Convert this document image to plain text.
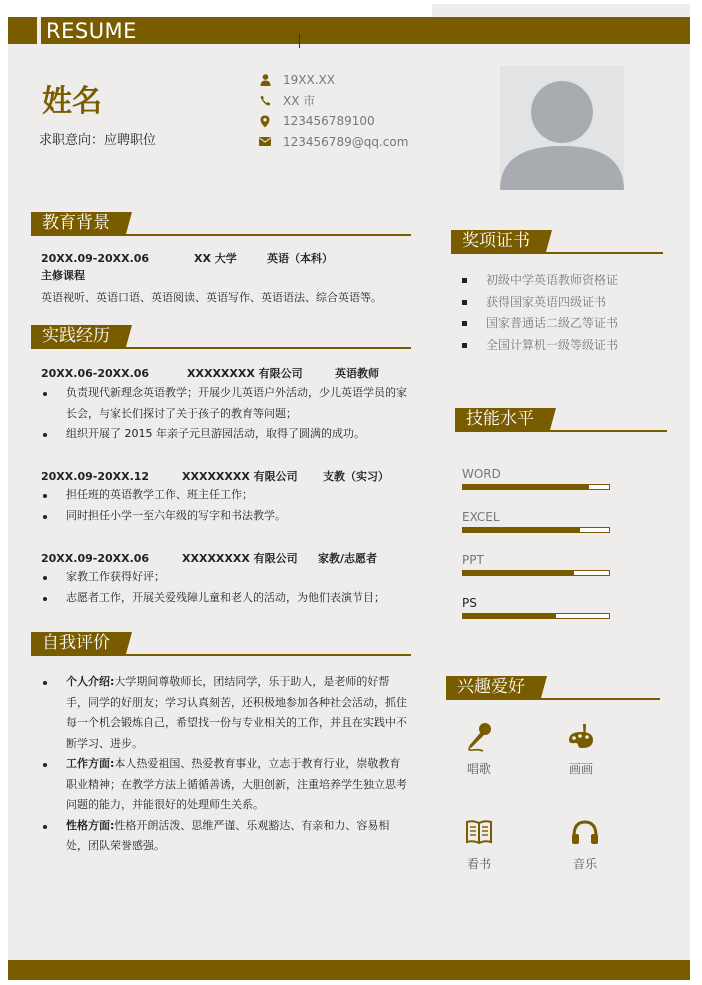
RESUME
姓名
求职意向：应聘职位
19XX.XX
XX 市
123456789100
123456789@qq.com
教育背景
20XX.09-20XX.06	XX 大学	英语（本科）
主修课程
英语视听、英语口语、英语阅读、英语写作、英语语法、综合英语等。
实践经历
20XX.06-20XX.06	XXXXXXXX 有限公司	英语教师
负责现代新理念英语教学；开展少儿英语户外活动，少儿英语学员的家长会，与家长们探讨了关于孩子的教育等问题；
组织开展了 2015 年亲子元旦游园活动，取得了圆满的成功。
20XX.09-20XX.12	XXXXXXXX 有限公司 支教（实习）
担任班的英语教学工作、班主任工作；
同时担任小学一至六年级的写字和书法教学。
20XX.09-20XX.06	XXXXXXXX 有限公司 家教/志愿者
家教工作获得好评；
志愿者工作，开展关爱残障儿童和老人的活动，为他们表演节目；
自我评价
个人介绍:大学期间尊敬师长，团结同学，乐于助人，是老师的好帮手，同学的好朋友；学习认真刻苦，还积极地参加各种社会活动，抓住每一个机会锻炼自己，希望找一份与专业相关的工作，并且在实践中不断学习、进步。
工作方面:本人热爱祖国、热爱教育事业，立志于教育行业，崇敬教育职业精神；在教学方法上循循善诱，大胆创新，注重培养学生独立思考问题的能力，并能很好的处理师生关系。
性格方面:性格开朗活泼、思维严谨、乐观豁达、有亲和力、容易相处，团队荣誉感强。
奖项证书
初级中学英语教师资格证
获得国家英语四级证书
国家普通话二级乙等证书
全国计算机一级等级证书
技能水平
WORD
EXCEL
PPT
PS
兴趣爱好
唱歌	画画
看书	音乐
